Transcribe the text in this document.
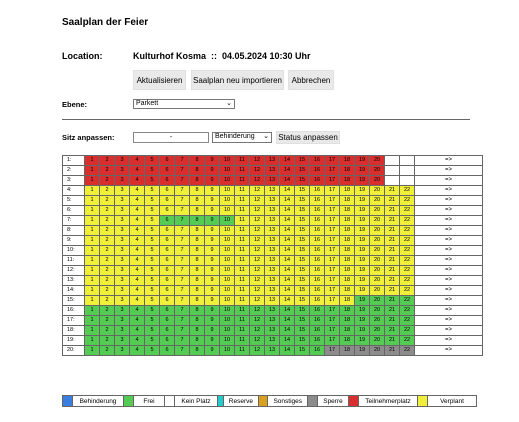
Saalplan der Feier
Location:	Kulturhof Kosma  ::  04.05.2024 10:30 Uhr
Aktualisieren	Saalplan neu importieren	Abbrechen
Ebene:	Parkett	⌄
Sitz anpassen:	-	Behinderung ⌄ Status anpassen
1:	1	2	3	4	5	6	7	8	9	10	11	12	13	14	15	16	17	18	19	20			=>
2:	1	2	3	4	5	6	7	8	9	10	11	12	13	14	15	16	17	18	19	20			=>
3:	1	2	3	4	5	6	7	8	9	10	11	12	13	14	15	16	17	18	19	20			=>
4:	1	2	3	4	5	6	7	8	9	10	11	12	13	14	15	16	17	18	19	20	21	22	=>
5:	1	2	3	4	5	6	7	8	9	10	11	12	13	14	15	16	17	18	19	20	21	22	=>
6:	1	2	3	4	5	6	7	8	9	10	11	12	13	14	15	16	17	18	19	20	21	22	=>
7:	1	2	3	4	5	6	7	8	9	10	11	12	13	14	15	16	17	18	19	20	21	22	=>
8:	1	2	3	4	5	6	7	8	9	10	11	12	13	14	15	16	17	18	19	20	21	22	=>
9:	1	2	3	4	5	6	7	8	9	10	11	12	13	14	15	16	17	18	19	20	21	22	=>
10:	1	2	3	4	5	6	7	8	9	10	11	12	13	14	15	16	17	18	19	20	21	22	=>
11:	1	2	3	4	5	6	7	8	9	10	11	12	13	14	15	16	17	18	19	20	21	22	=>
12:	1	2	3	4	5	6	7	8	9	10	11	12	13	14	15	16	17	18	19	20	21	22	=>
13:	1	2	3	4	5	6	7	8	9	10	11	12	13	14	15	16	17	18	19	20	21	22	=>
14:	1	2	3	4	5	6	7	8	9	10	11	12	13	14	15	16	17	18	19	20	21	22	=>
15:	1	2	3	4	5	6	7	8	9	10	11	12	13	14	15	16	17	18	19	20	21	22	=>
16:	1	2	3	4	5	6	7	8	9	10	11	12	13	14	15	16	17	18	19	20	21	22	=>
17:	1	2	3	4	5	6	7	8	9	10	11	12	13	14	15	16	17	18	19	20	21	22	=>
18:	1	2	3	4	5	6	7	8	9	10	11	12	13	14	15	16	17	18	19	20	21	22	=>
19:	1	2	3	4	5	6	7	8	9	10	11	12	13	14	15	16	17	18	19	20	21	22	=>
20:	1	2	3	4	5	6	7	8	9	10	11	12	13	14	15	16	17	18	19	20	21	22	=>
Behinderung	Frei	Kein Platz	Reserve	Sonstiges	Sperre	Teilnehmerplatz	Verplant
